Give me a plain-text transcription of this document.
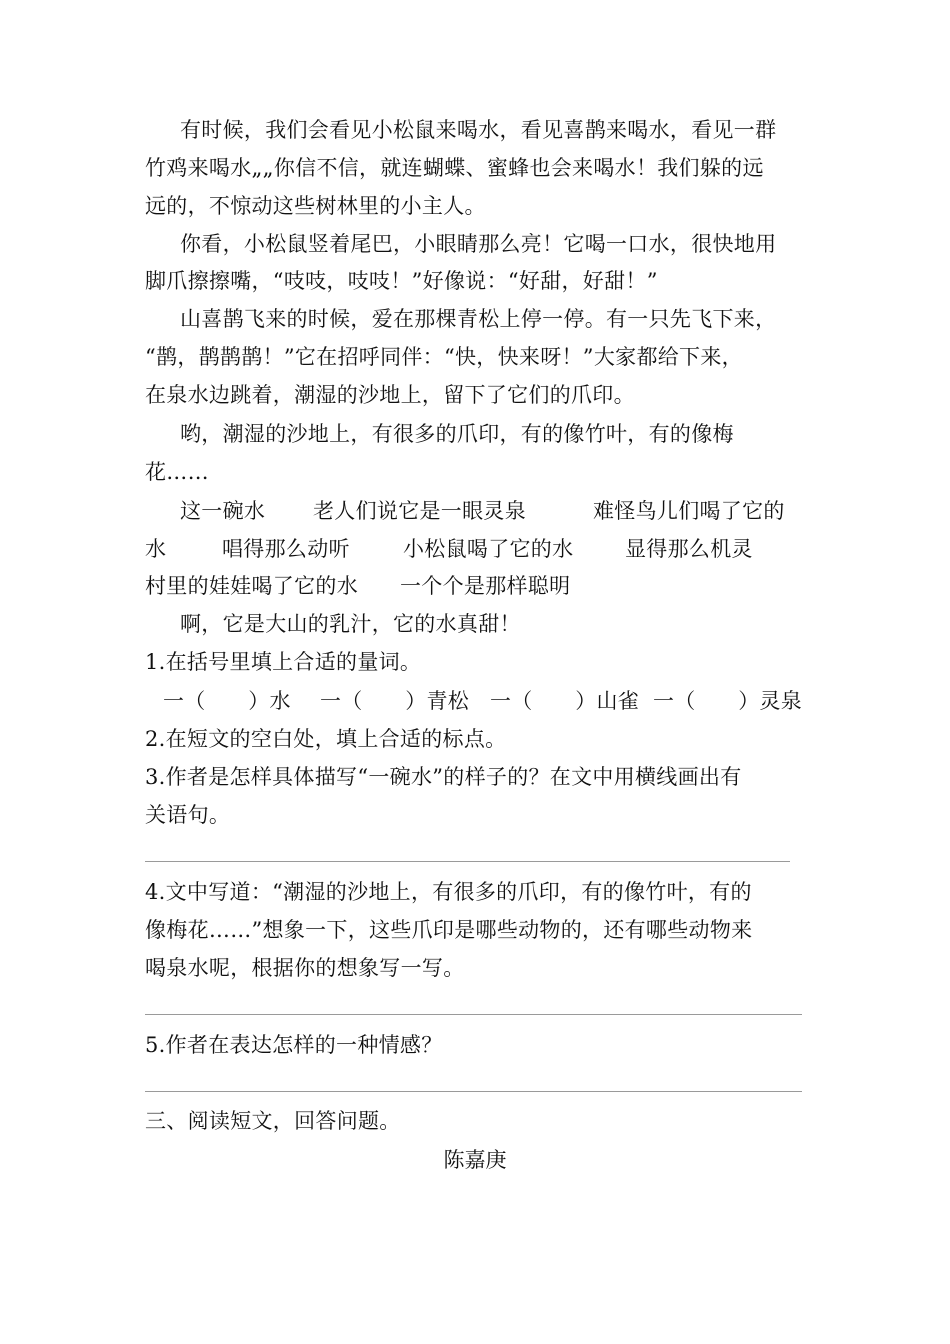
有时候，我们会看见小松鼠来喝水，看见喜鹊来喝水，看见一群
竹鸡来喝水„„你信不信，就连蝴蝶、蜜蜂也会来喝水！我们躲的远
远的，不惊动这些树林里的小主人。
你看，小松鼠竖着尾巴，小眼睛那么亮！它喝一口水，很快地用
脚爪擦擦嘴，“吱吱，吱吱！”好像说：“好甜，好甜！”
山喜鹊飞来的时候，爱在那棵青松上停一停。有一只先飞下来，
“鹊，鹊鹊鹊！”它在招呼同伴：“快，快来呀！”大家都给下来，
在泉水边跳着，潮湿的沙地上，留下了它们的爪印。
哟，潮湿的沙地上，有很多的爪印，有的像竹叶，有的像梅
花……
这一碗水 老人们说它是一眼灵泉	难怪鸟儿们喝了它的
水	唱得那么动听	小松鼠喝了它的水 显得那么机灵
村里的娃娃喝了它的水 一个个是那样聪明
啊，它是大山的乳汁，它的水真甜！
1.在括号里填上合适的量词。
一（　　）水 一（　　）青松 一（　　）山雀 一（　　）灵泉
2.在短文的空白处，填上合适的标点。
3.作者是怎样具体描写“一碗水”的样子的？在文中用横线画出有
关语句。
4.文中写道：“潮湿的沙地上，有很多的爪印，有的像竹叶，有的
像梅花……”想象一下，这些爪印是哪些动物的，还有哪些动物来
喝泉水呢，根据你的想象写一写。
5.作者在表达怎样的一种情感？
三、阅读短文，回答问题。
陈嘉庚
